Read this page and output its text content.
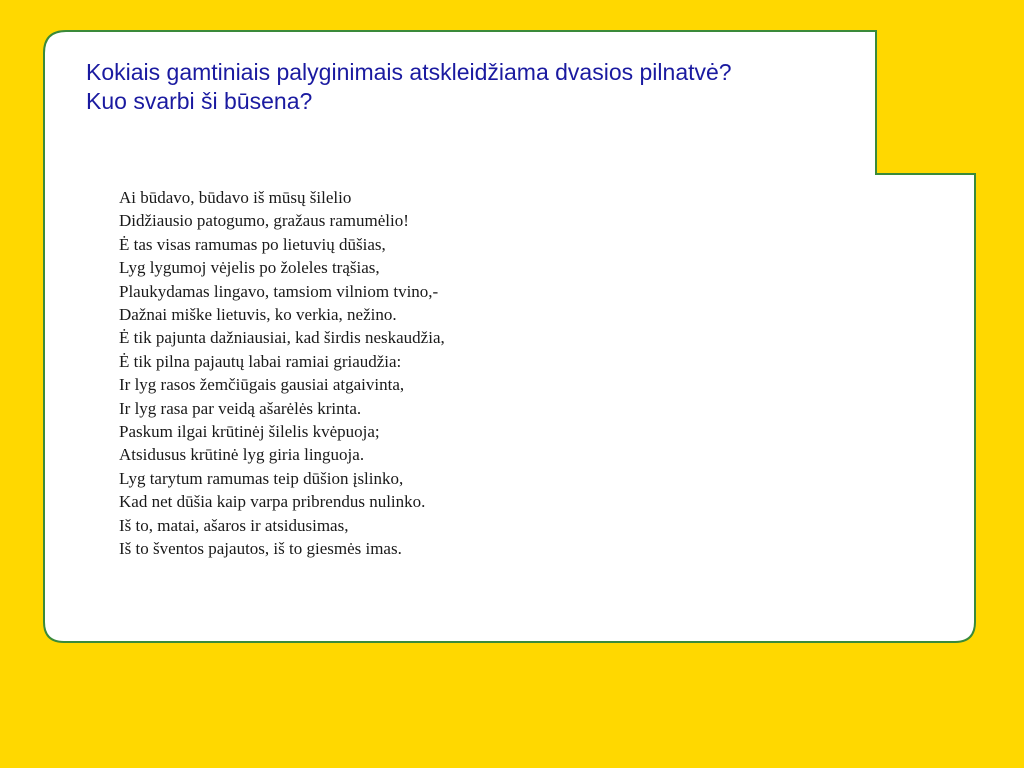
Kokiais gamtiniais palyginimais atskleidžiama dvasios pilnatvė?
Kuo svarbi ši būsena?
Ai būdavo, būdavo iš mūsų šilelio
Didžiausio patogumo, gražaus ramumėlio!
Ė tas visas ramumas po lietuvių dūšias,
Lyg lygumoj vėjelis po žoleles trąšias,
Plaukydamas lingavo, tamsiom vilniom tvino,-
Dažnai miške lietuvis, ko verkia, nežino.
Ė tik pajunta dažniausiai, kad širdis neskaudžia,
Ė tik pilna pajautų labai ramiai griaudžia:
Ir lyg rasos žemčiūgais gausiai atgaivinta,
Ir lyg rasa par veidą ašarėlės krinta.
Paskum ilgai krūtinėj šilelis kvėpuoja;
Atsidusus krūtinė lyg giria linguoja.
Lyg tarytum ramumas teip dūšion įslinko,
Kad net dūšia kaip varpa pribrendus nulinko.
Iš to, matai, ašaros ir atsidusimas,
Iš to šventos pajautos, iš to giesmės imas.
